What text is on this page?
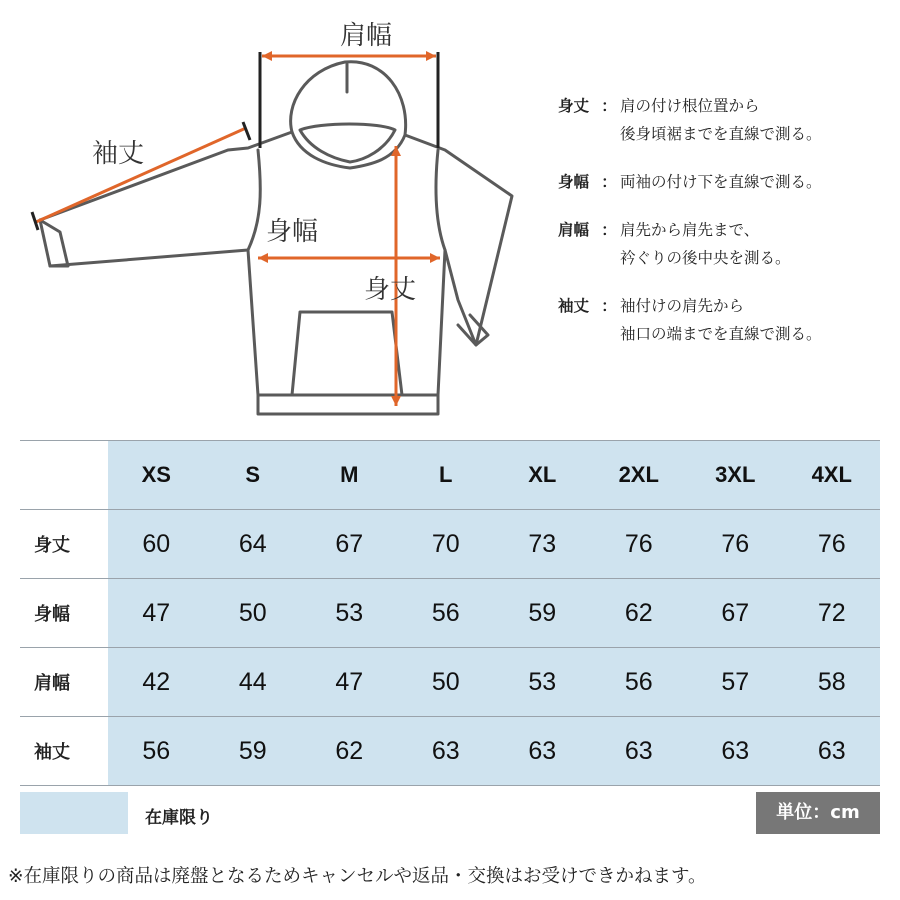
肩幅
袖丈
身幅
身丈
身丈 ： 肩の付け根位置から
後身頃裾までを直線で測る。
身幅 ： 両袖の付け下を直線で測る。
肩幅 ： 肩先から肩先まで、
衿ぐりの後中央を測る。
袖丈 ： 袖付けの肩先から
袖口の端までを直線で測る。
	XS	S	M	L	XL	2XL	3XL	4XL
身丈	60	64	67	70	73	76	76	76
身幅	47	50	53	56	59	62	67	72
肩幅	42	44	47	50	53	56	57	58
袖丈	56	59	62	63	63	63	63	63
在庫限り	単位：cm
※在庫限りの商品は廃盤となるためキャンセルや返品・交換はお受けできかねます。
